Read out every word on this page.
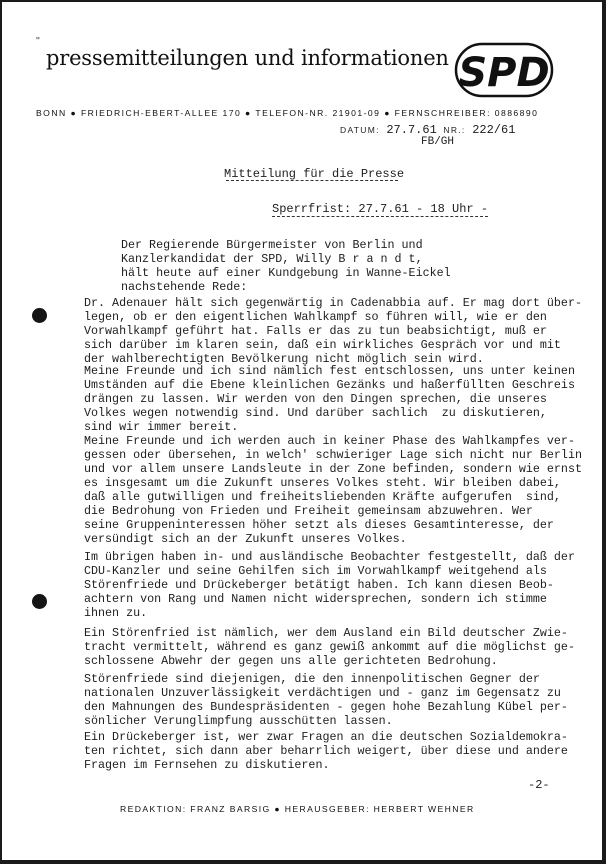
''
pressemitteilungen und informationen SPD
BONN ● FRIEDRICH-EBERT-ALLEE 170 ● TELEFON-NR. 21901-09 ● FERNSCHREIBER: 0886890
DATUM: 27.7.61 NR.: 222/61
FB/GH
Mitteilung für die Presse
Sperrfrist: 27.7.61 - 18 Uhr -
Der Regierende Bürgermeister von Berlin und
Kanzlerkandidat der SPD, Willy B r a n d t,
hält heute auf einer Kundgebung in Wanne-Eickel
nachstehende Rede:
Dr. Adenauer hält sich gegenwärtig in Cadenabbia auf. Er mag dort über-
legen, ob er den eigentlichen Wahlkampf so führen will, wie er den
Vorwahlkampf geführt hat. Falls er das zu tun beabsichtigt, muß er
sich darüber im klaren sein, daß ein wirkliches Gespräch vor und mit
der wahlberechtigten Bevölkerung nicht möglich sein wird.
Meine Freunde und ich sind nämlich fest entschlossen, uns unter keinen
Umständen auf die Ebene kleinlichen Gezänks und haßerfüllten Geschreis
drängen zu lassen. Wir werden von den Dingen sprechen, die unseres
Volkes wegen notwendig sind. Und darüber sachlich  zu diskutieren,
sind wir immer bereit.
Meine Freunde und ich werden auch in keiner Phase des Wahlkampfes ver-
gessen oder übersehen, in welch' schwieriger Lage sich nicht nur Berlin
und vor allem unsere Landsleute in der Zone befinden, sondern wie ernst
es insgesamt um die Zukunft unseres Volkes steht. Wir bleiben dabei,
daß alle gutwilligen und freiheitsliebenden Kräfte aufgerufen  sind,
die Bedrohung von Frieden und Freiheit gemeinsam abzuwehren. Wer
seine Gruppeninteressen höher setzt als dieses Gesamtinteresse, der
versündigt sich an der Zukunft unseres Volkes.
Im übrigen haben in- und ausländische Beobachter festgestellt, daß der
CDU-Kanzler und seine Gehilfen sich im Vorwahlkampf weitgehend als
Störenfriede und Drückeberger betätigt haben. Ich kann diesen Beob-
achtern von Rang und Namen nicht widersprechen, sondern ich stimme
ihnen zu.
Ein Störenfried ist nämlich, wer dem Ausland ein Bild deutscher Zwie-
tracht vermittelt, während es ganz gewiß ankommt auf die möglichst ge-
schlossene Abwehr der gegen uns alle gerichteten Bedrohung.
Störenfriede sind diejenigen, die den innenpolitischen Gegner der
nationalen Unzuverlässigkeit verdächtigen und - ganz im Gegensatz zu
den Mahnungen des Bundespräsidenten - gegen hohe Bezahlung Kübel per-
sönlicher Verunglimpfung ausschütten lassen.
Ein Drückeberger ist, wer zwar Fragen an die deutschen Sozialdemokra-
ten richtet, sich dann aber beharrlich weigert, über diese und andere
Fragen im Fernsehen zu diskutieren.
-2-
REDAKTION: FRANZ BARSIG ● HERAUSGEBER: HERBERT WEHNER
